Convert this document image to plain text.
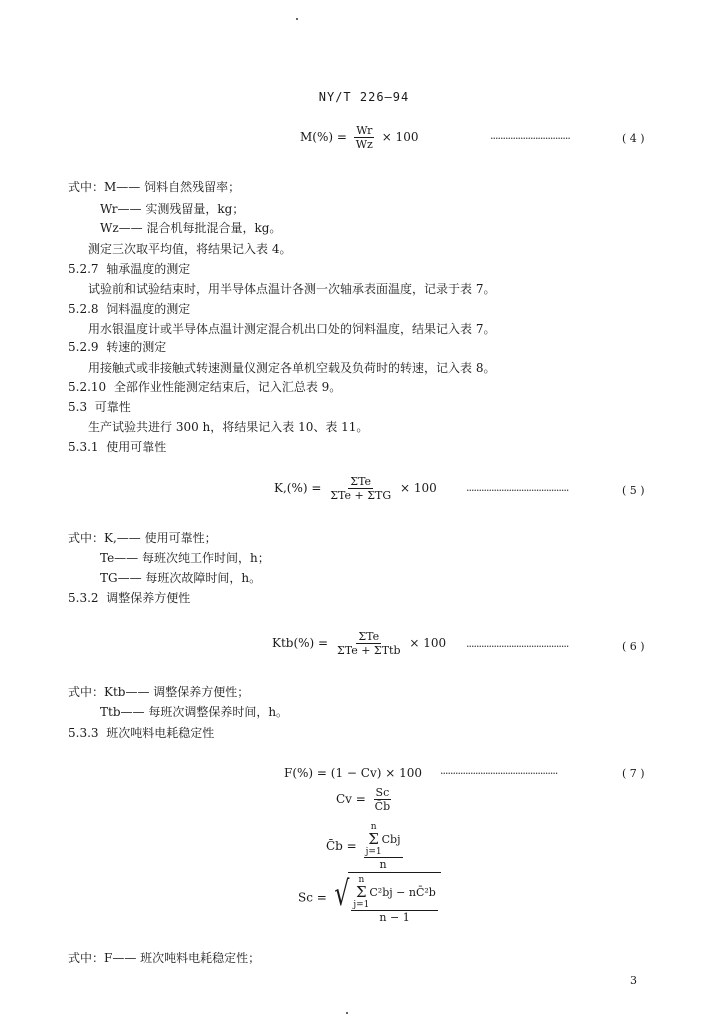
NY/T 226—94
$M(\%) = \frac{Wr}{Wz} \times 100$	································	( 4 )
式中：M—— 饲料自然残留率；
Wr—— 实测残留量，kg；
Wz—— 混合机每批混合量，kg。
测定三次取平均值，将结果记入表 4。
5.2.7 轴承温度的测定
试验前和试验结束时，用半导体点温计各测一次轴承表面温度，记录于表 7。
5.2.8 饲料温度的测定
用水银温度计或半导体点温计测定混合机出口处的饲料温度，结果记入表 7。
5.2.9 转速的测定
用接触式或非接触式转速测量仪测定各单机空载及负荷时的转速，记入表 8。
5.2.10 全部作业性能测定结束后，记入汇总表 9。
5.3 可靠性
生产试验共进行 300 h，将结果记入表 10、表 11。
5.3.1 使用可靠性
$K,(\%) = \frac{\text{ΣTe}}{\text{ΣTe + ΣTG}} \times 100$	·········································	( 5 )
式中：K,—— 使用可靠性；
Te—— 每班次纯工作时间，h；
TG—— 每班次故障时间，h。
5.3.2 调整保养方便性
$Ktb(\%) = \frac{\text{ΣTe}}{\text{ΣTe + ΣTtb}} \times 100$ ·········································	( 6 )
式中：Ktb—— 调整保养方便性；
Ttb—— 每班次调整保养时间，h。
5.3.3 班次吨料电耗稳定性
F(%) = (1 − Cv) × 100 ···············································	( 7 )
$Cv = \frac{Sc}{C̄b}$
C̄b = n
Σ
j=1
Cbj
n
Sc = √ n
Σ
j=1
C²bj − nC̄²b
n − 1
式中：F—— 班次吨料电耗稳定性；
3
